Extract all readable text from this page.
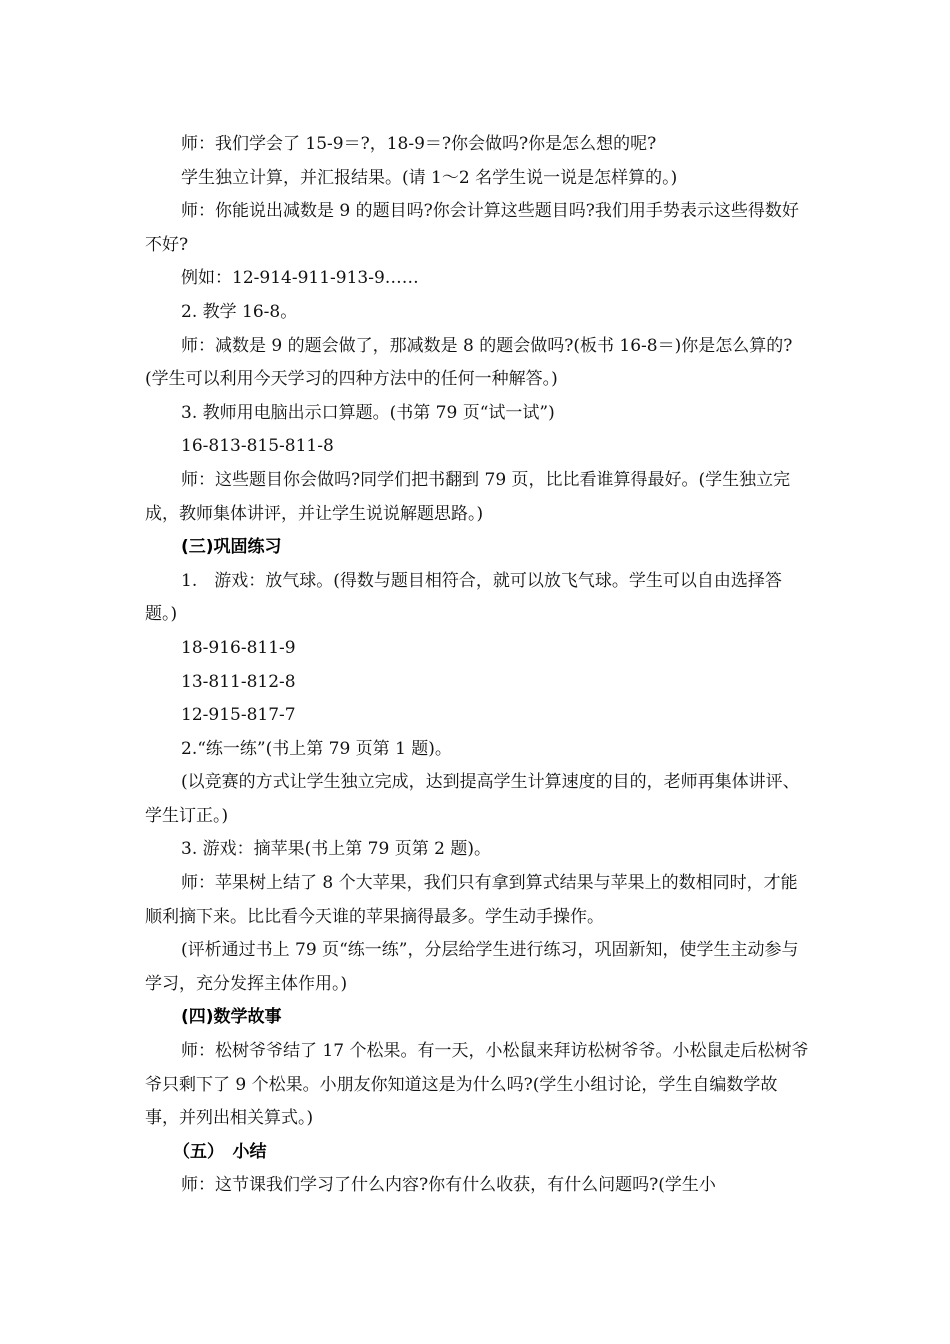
师：我们学会了 15-9＝?，18-9＝?你会做吗?你是怎么想的呢?

学生独立计算，并汇报结果。(请 1～2 名学生说一说是怎样算的。)

师：你能说出减数是 9 的题目吗?你会计算这些题目吗?我们用手势表示这些得数好不好?

例如：12-914-911-913-9……

2. 教学 16-8。

师：减数是 9 的题会做了，那减数是 8 的题会做吗?(板书 16-8＝)你是怎么算的?(学生可以利用今天学习的四种方法中的任何一种解答。)

3. 教师用电脑出示口算题。(书第 79 页“试一试”)

16-813-815-811-8

师：这些题目你会做吗?同学们把书翻到 79 页，比比看谁算得最好。(学生独立完成，教师集体讲评，并让学生说说解题思路。)

(三)巩固练习

1.　游戏：放气球。(得数与题目相符合，就可以放飞气球。学生可以自由选择答题。)

18-916-811-9

13-811-812-8

12-915-817-7

2.“练一练”(书上第 79 页第 1 题)。

(以竞赛的方式让学生独立完成，达到提高学生计算速度的目的，老师再集体讲评、学生订正。)

3. 游戏：摘苹果(书上第 79 页第 2 题)。

师：苹果树上结了 8 个大苹果，我们只有拿到算式结果与苹果上的数相同时，才能顺利摘下来。比比看今天谁的苹果摘得最多。学生动手操作。

(评析通过书上 79 页“练一练”，分层给学生进行练习，巩固新知，使学生主动参与学习，充分发挥主体作用。)

(四)数学故事

师：松树爷爷结了 17 个松果。有一天，小松鼠来拜访松树爷爷。小松鼠走后松树爷爷只剩下了 9 个松果。小朋友你知道这是为什么吗?(学生小组讨论，学生自编数学故事，并列出相关算式。)

（五）　小结

师：这节课我们学习了什么内容?你有什么收获，有什么问题吗?(学生小
